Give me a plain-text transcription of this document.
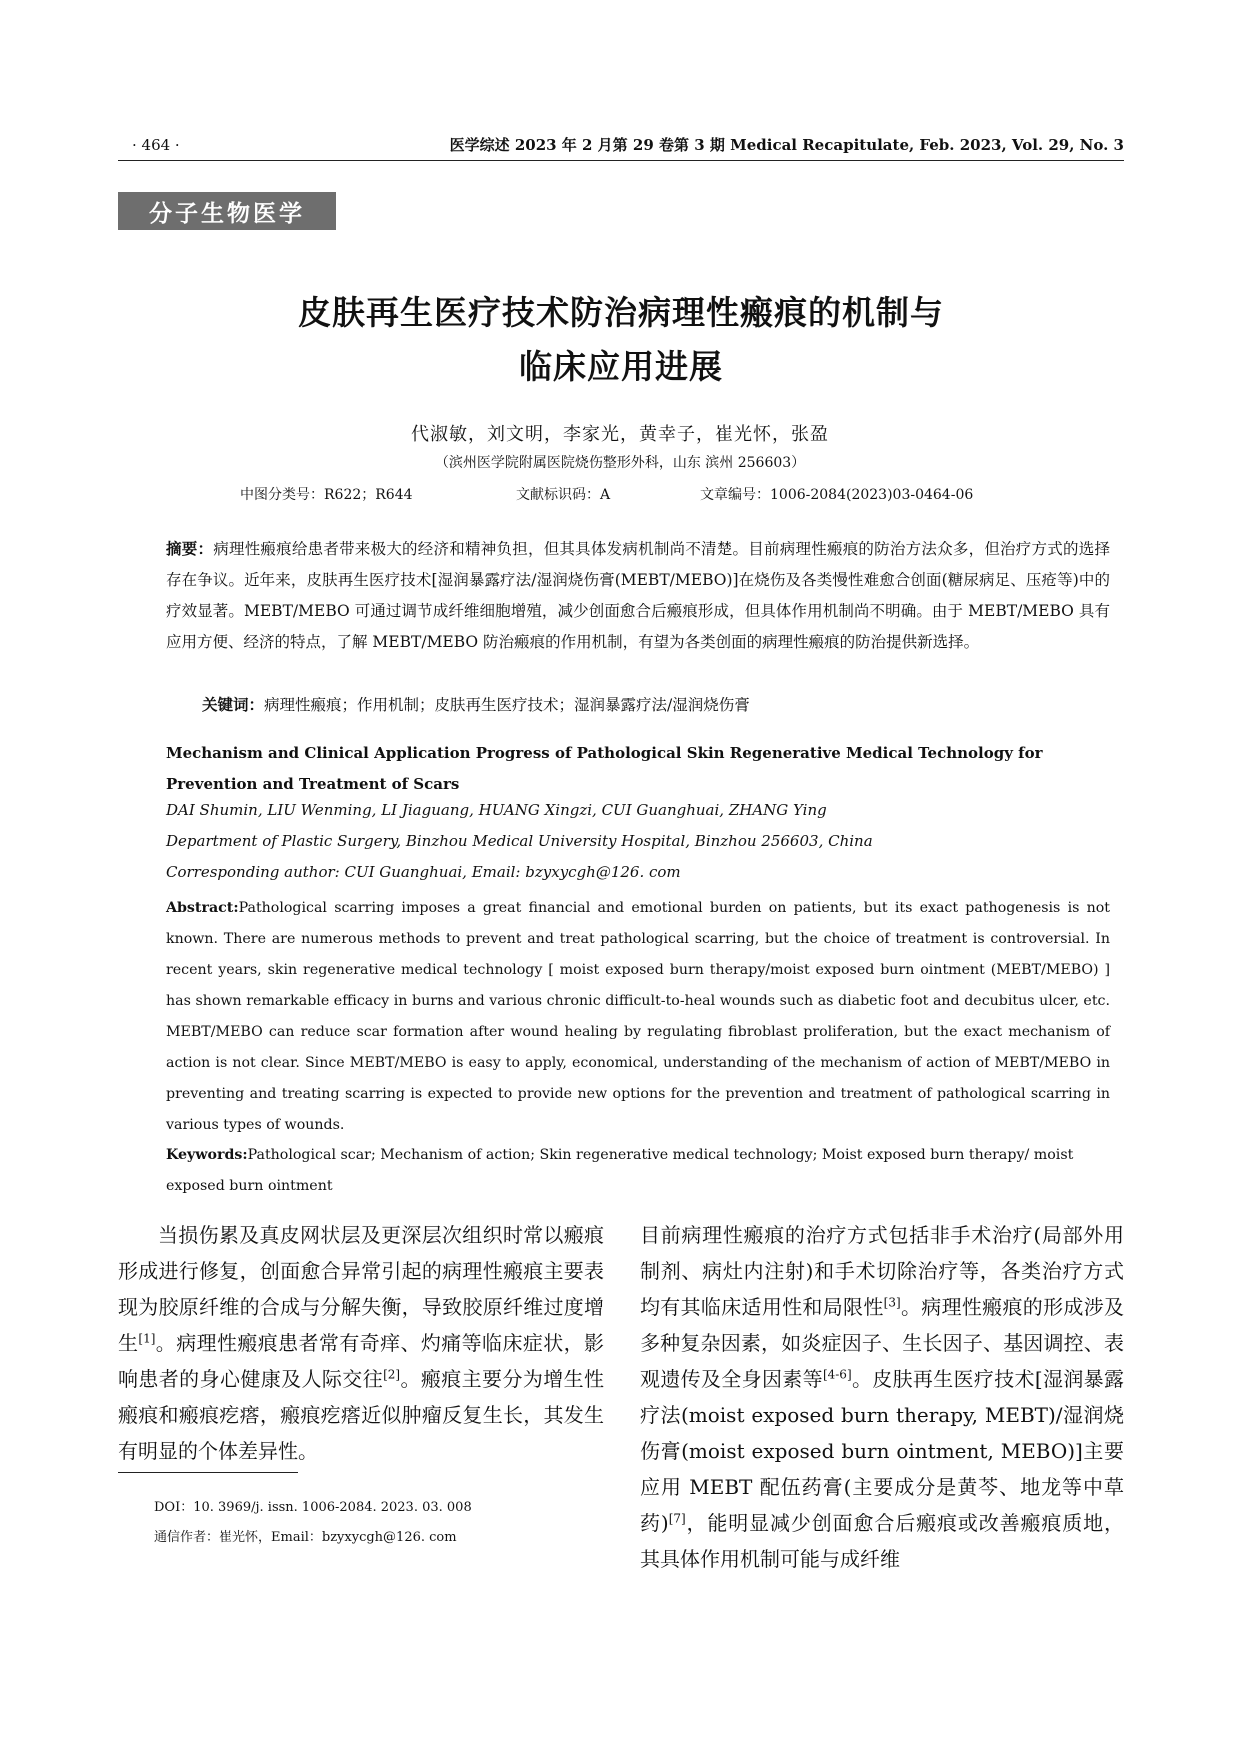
· 464 ·	医学综述 2023 年 2 月第 29 卷第 3 期 Medical Recapitulate, Feb. 2023, Vol. 29, No. 3
分子生物医学
皮肤再生医疗技术防治病理性瘢痕的机制与
临床应用进展
代淑敏，刘文明，李家光，黄幸子，崔光怀，张盈
（滨州医学院附属医院烧伤整形外科，山东 滨州 256603）
中图分类号：R622；R644	文献标识码：A	文章编号：1006-2084(2023)03-0464-06
摘要：病理性瘢痕给患者带来极大的经济和精神负担，但其具体发病机制尚不清楚。目前病理性瘢痕的防治方法众多，但治疗方式的选择存在争议。近年来，皮肤再生医疗技术[湿润暴露疗法/湿润烧伤膏(MEBT/MEBO)]在烧伤及各类慢性难愈合创面(糖尿病足、压疮等)中的疗效显著。MEBT/MEBO 可通过调节成纤维细胞增殖，减少创面愈合后瘢痕形成，但具体作用机制尚不明确。由于 MEBT/MEBO 具有应用方便、经济的特点，了解 MEBT/MEBO 防治瘢痕的作用机制，有望为各类创面的病理性瘢痕的防治提供新选择。
关键词：病理性瘢痕；作用机制；皮肤再生医疗技术；湿润暴露疗法/湿润烧伤膏
Mechanism and Clinical Application Progress of Pathological Skin Regenerative Medical Technology for Prevention and Treatment of Scars
DAI Shumin, LIU Wenming, LI Jiaguang, HUANG Xingzi, CUI Guanghuai, ZHANG Ying
Department of Plastic Surgery, Binzhou Medical University Hospital, Binzhou 256603, China
Corresponding author: CUI Guanghuai, Email: bzyxycgh@126. com
Abstract:Pathological scarring imposes a great financial and emotional burden on patients, but its exact pathogenesis is not known. There are numerous methods to prevent and treat pathological scarring, but the choice of treatment is controversial. In recent years, skin regenerative medical technology [ moist exposed burn therapy/moist exposed burn ointment (MEBT/MEBO) ] has shown remarkable efficacy in burns and various chronic difficult-to-heal wounds such as diabetic foot and decubitus ulcer, etc. MEBT/MEBO can reduce scar formation after wound healing by regulating fibroblast proliferation, but the exact mechanism of action is not clear. Since MEBT/MEBO is easy to apply, economical, understanding of the mechanism of action of MEBT/MEBO in preventing and treating scarring is expected to provide new options for the prevention and treatment of pathological scarring in various types of wounds.
Keywords:Pathological scar; Mechanism of action; Skin regenerative medical technology; Moist exposed burn therapy/ moist exposed burn ointment

当损伤累及真皮网状层及更深层次组织时常以瘢痕形成进行修复，创面愈合异常引起的病理性瘢痕主要表现为胶原纤维的合成与分解失衡，导致胶原纤维过度增生[1]。病理性瘢痕患者常有奇痒、灼痛等临床症状，影响患者的身心健康及人际交往[2]。瘢痕主要分为增生性瘢痕和瘢痕疙瘩，瘢痕疙瘩近似肿瘤反复生长，其发生有明显的个体差异性。

DOI：10. 3969/j. issn. 1006-2084. 2023. 03. 008
通信作者：崔光怀，Email：bzyxycgh@126. com

目前病理性瘢痕的治疗方式包括非手术治疗(局部外用制剂、病灶内注射)和手术切除治疗等，各类治疗方式均有其临床适用性和局限性[3]。病理性瘢痕的形成涉及多种复杂因素，如炎症因子、生长因子、基因调控、表观遗传及全身因素等[4-6]。皮肤再生医疗技术[湿润暴露疗法(moist exposed burn therapy, MEBT)/湿润烧伤膏(moist exposed burn ointment, MEBO)]主要应用 MEBT 配伍药膏(主要成分是黄芩、地龙等中草药)[7]，能明显减少创面愈合后瘢痕或改善瘢痕质地，其具体作用机制可能与成纤维
